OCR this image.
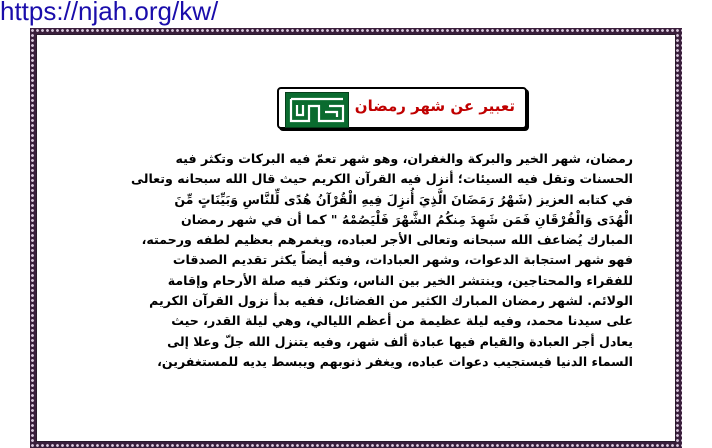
https://njah.org/kw/
تعبير عن شهر رمضان

رمضان، شهر الخير والبركة والغفران، وهو شهر تعمّ فيه البركات وتكثر فيه

الحسنات وتقل فيه السيئات؛ أنزل فيه القرآن الكريم حيث قال الله سبحانه وتعالى

في كتابه العزيز (شَهْرُ رَمَضَانَ الَّذِيَ أُنزِلَ فِيهِ الْقُرْآنُ هُدًى لِّلنَّاسِ وَبَيِّنَاتٍ مِّنَ

الْهُدَى وَالْفُرْقَانِ فَمَن شَهِدَ مِنكُمُ الشَّهْرَ فَلْيَصُمْهُ " كما أن في شهر رمضان

المبارك يُضاعف الله سبحانه وتعالى الأجر لعباده، ويغمرهم بعظيم لطفه ورحمته،

فهو شهر استجابة الدعوات، وشهر العبادات، وفيه أيضاً يكثر تقديم الصدقات

للفقراء والمحتاجين، وينتشر الخير بين الناس، وتكثر فيه صلة الأرحام وإقامة

الولائم. لشهر رمضان المبارك الكثير من الفضائل، ففيه بدأ نزول القرآن الكريم

على سيدنا محمد، وفيه ليلة عظيمة من أعظم الليالي، وهي ليلة القدر، حيث

يعادل أجر العبادة والقيام فيها عبادة ألف شهر، وفيه يتنزل الله جلّ وعلا إلى

السماء الدنيا فيستجيب دعوات عباده، ويغفر ذنوبهم ويبسط يديه للمستغفرين،
